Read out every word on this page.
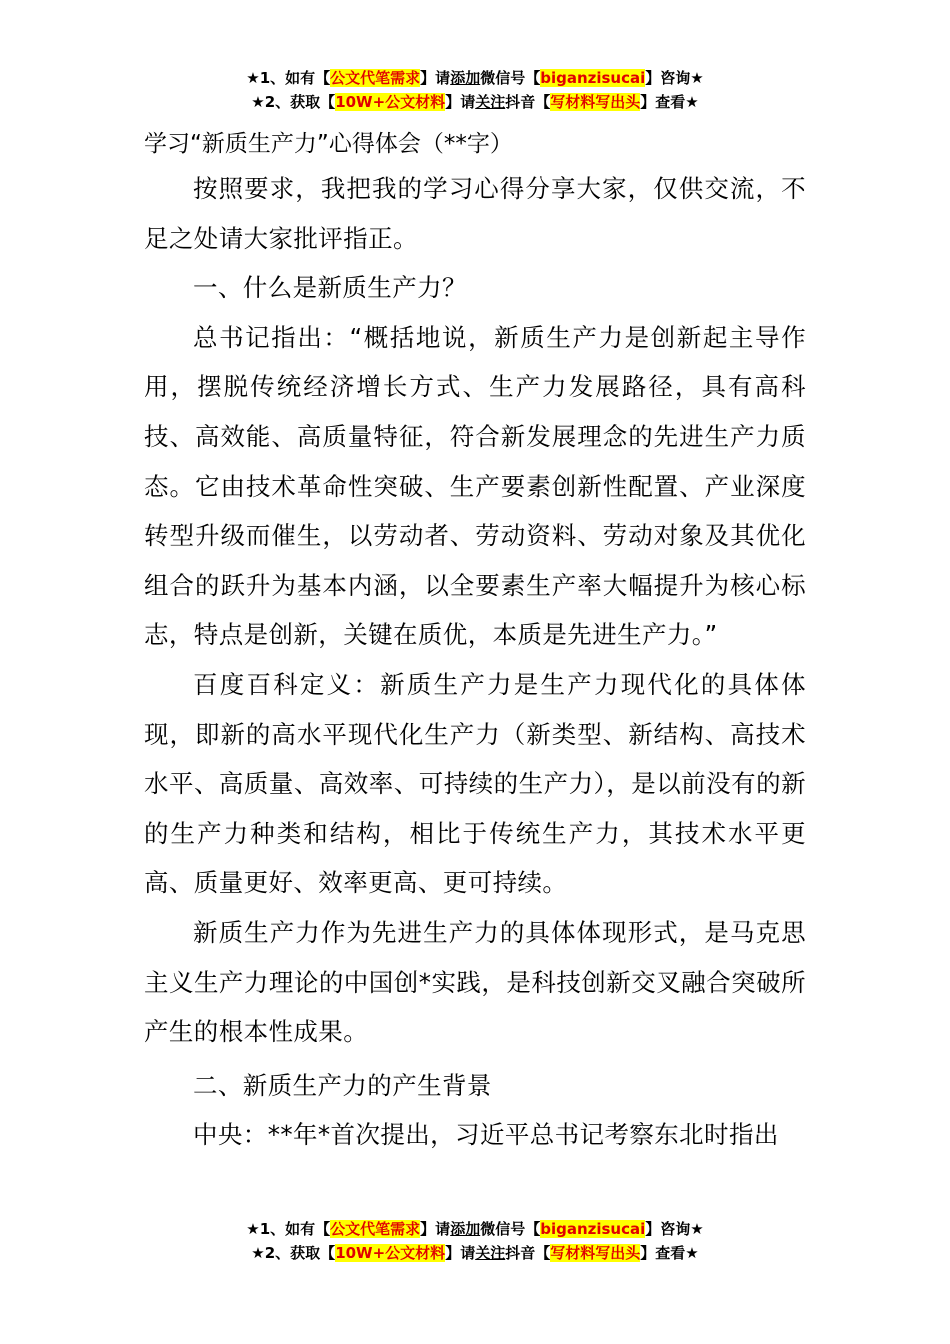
★1、如有【公文代笔需求】请添加微信号【biganzisucai】咨询★
★2、获取【10W+公文材料】请关注抖音【写材料写出头】查看★
学习“新质生产力”心得体会（**字）

按照要求，我把我的学习心得分享大家，仅供交流，不足之处请大家批评指正。

一、什么是新质生产力？

总书记指出：“概括地说，新质生产力是创新起主导作用，摆脱传统经济增长方式、生产力发展路径，具有高科技、高效能、高质量特征，符合新发展理念的先进生产力质态。它由技术革命性突破、生产要素创新性配置、产业深度转型升级而催生，以劳动者、劳动资料、劳动对象及其优化组合的跃升为基本内涵，以全要素生产率大幅提升为核心标志，特点是创新，关键在质优，本质是先进生产力。”

百度百科定义：新质生产力是生产力现代化的具体体现，即新的高水平现代化生产力（新类型、新结构、高技术水平、高质量、高效率、可持续的生产力），是以前没有的新的生产力种类和结构，相比于传统生产力，其技术水平更高、质量更好、效率更高、更可持续。

新质生产力作为先进生产力的具体体现形式，是马克思主义生产力理论的中国创*实践，是科技创新交叉融合突破所产生的根本性成果。

二、新质生产力的产生背景

中央：**年*首次提出，习近平总书记考察东北时指出

★1、如有【公文代笔需求】请添加微信号【biganzisucai】咨询★
★2、获取【10W+公文材料】请关注抖音【写材料写出头】查看★
